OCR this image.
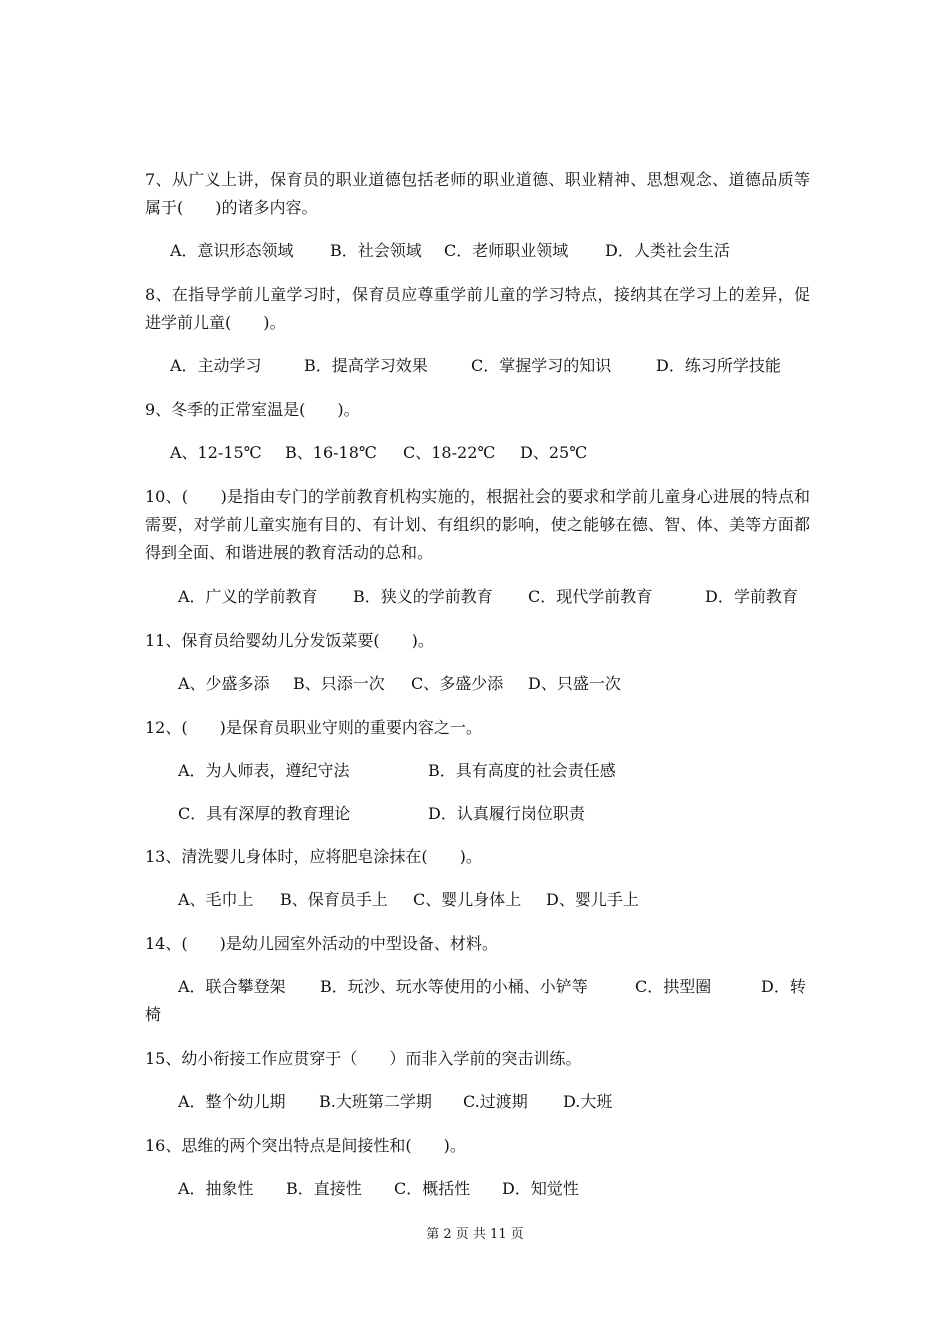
7、从广义上讲，保育员的职业道德包括老师的职业道德、职业精神、思想观念、道德品质等属于(　　)的诸多内容。
A．意识形态领域 B．社会领域 C．老师职业领域 D．人类社会生活
8、在指导学前儿童学习时，保育员应尊重学前儿童的学习特点，接纳其在学习上的差异，促进学前儿童(　　)。
A．主动学习	B．提高学习效果	C．掌握学习的知识	D．练习所学技能
9、冬季的正常室温是(　　)。
A、12-15℃ B、16-18℃ C、18-22℃ D、25℃
10、(　　)是指由专门的学前教育机构实施的，根据社会的要求和学前儿童身心进展的特点和需要，对学前儿童实施有目的、有计划、有组织的影响，使之能够在德、智、体、美等方面都得到全面、和谐进展的教育活动的总和。
A．广义的学前教育 B．狭义的学前教育 C．现代学前教育	D．学前教育
11、保育员给婴幼儿分发饭菜要(　　)。
A、少盛多添 B、只添一次 C、多盛少添 D、只盛一次
12、(　　)是保育员职业守则的重要内容之一。
A．为人师表，遵纪守法	B．具有高度的社会责任感
C．具有深厚的教育理论	D．认真履行岗位职责
13、清洗婴儿身体时，应将肥皂涂抹在(　　)。
A、毛巾上 B、保育员手上 C、婴儿身体上 D、婴儿手上
14、(　　)是幼儿园室外活动的中型设备、材料。
A．联合攀登架 B．玩沙、玩水等使用的小桶、小铲等	C．拱型圈	D．转
椅
15、幼小衔接工作应贯穿于（　　）而非入学前的突击训练。
A．整个幼儿期 B.大班第二学期 C.过渡期 D.大班
16、思维的两个突出特点是间接性和(　　)。
A．抽象性 B．直接性 C．概括性 D．知觉性
第 2 页 共 11 页
